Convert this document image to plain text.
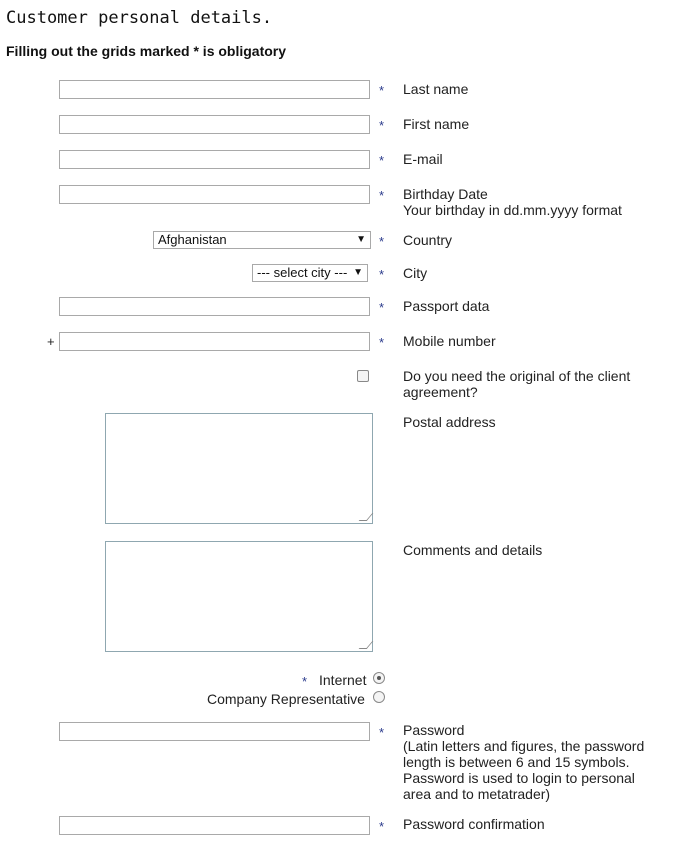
Customer personal details.
Filling out the grids marked * is obligatory
* Last name
* First name
* E-mail
* Birthday Date
Your birthday in dd.mm.yyyy format
Afghanistan	▼ * Country
--- select city --- ▼ * City
* Passport data
+	* Mobile number
Do you need the original of the client agreement?
Postal address
Comments and details
* Internet
Company Representative
* Password
(Latin letters and figures, the password length is between 6 and 15 symbols. Password is used to login to personal area and to metatrader)
* Password confirmation
